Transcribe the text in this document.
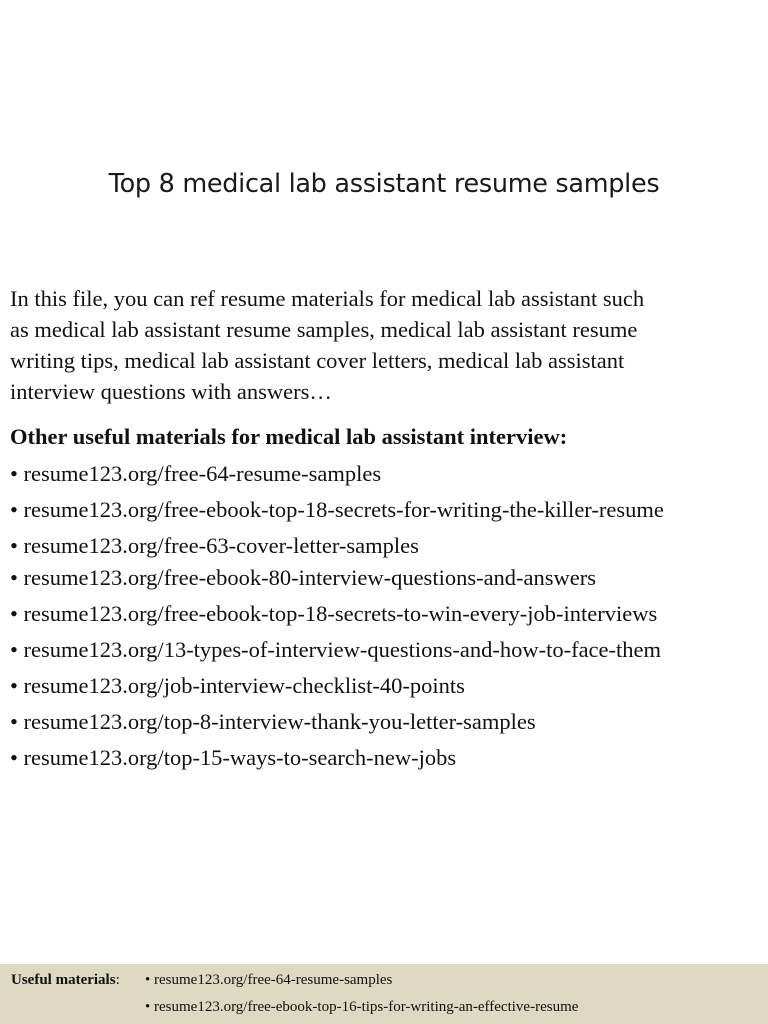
Top 8 medical lab assistant resume samples

In this file, you can ref resume materials for medical lab assistant such
as medical lab assistant resume samples, medical lab assistant resume
writing tips, medical lab assistant cover letters, medical lab assistant
interview questions with answers…

Other useful materials for medical lab assistant interview:
• resume123.org/free-64-resume-samples
• resume123.org/free-ebook-top-18-secrets-for-writing-the-killer-resume
• resume123.org/free-63-cover-letter-samples
• resume123.org/free-ebook-80-interview-questions-and-answers
• resume123.org/free-ebook-top-18-secrets-to-win-every-job-interviews
• resume123.org/13-types-of-interview-questions-and-how-to-face-them
• resume123.org/job-interview-checklist-40-points
• resume123.org/top-8-interview-thank-you-letter-samples
• resume123.org/top-15-ways-to-search-new-jobs
Useful materials: • resume123.org/free-64-resume-samples
• resume123.org/free-ebook-top-16-tips-for-writing-an-effective-resume
